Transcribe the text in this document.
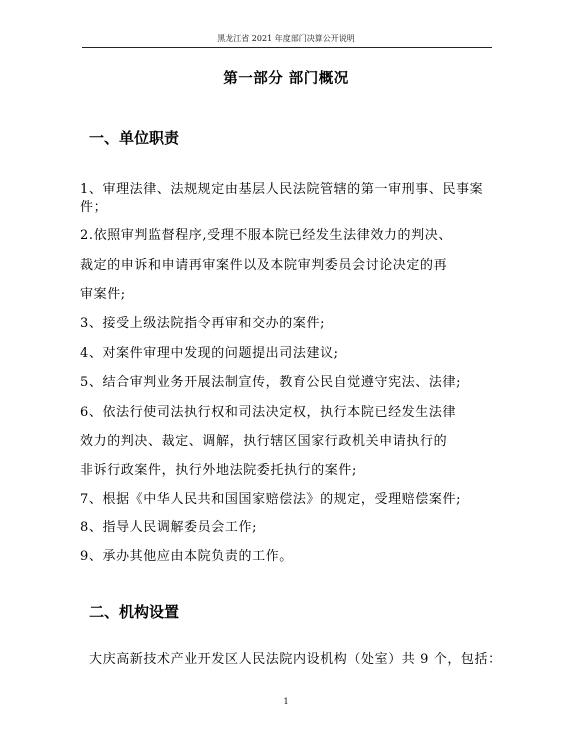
黑龙江省 2021 年度部门决算公开说明
第一部分 部门概况
一、单位职责
1、审理法律、法规规定由基层人民法院管辖的第一审刑事、民事案
件；
2.依照审判监督程序,受理不服本院已经发生法律效力的判决、
裁定的申诉和申请再审案件以及本院审判委员会讨论决定的再
审案件;
3、接受上级法院指令再审和交办的案件;
4、对案件审理中发现的问题提出司法建议;
5、结合审判业务开展法制宣传，教育公民自觉遵守宪法、法律;
6、依法行使司法执行权和司法决定权，执行本院已经发生法律
效力的判决、裁定、调解，执行辖区国家行政机关申请执行的
非诉行政案件，执行外地法院委托执行的案件;
7、根据《中华人民共和国国家赔偿法》的规定，受理赔偿案件;
8、指导人民调解委员会工作;
9、承办其他应由本院负责的工作。
二、机构设置
大庆高新技术产业开发区人民法院内设机构（处室）共 9 个，包括：
1
